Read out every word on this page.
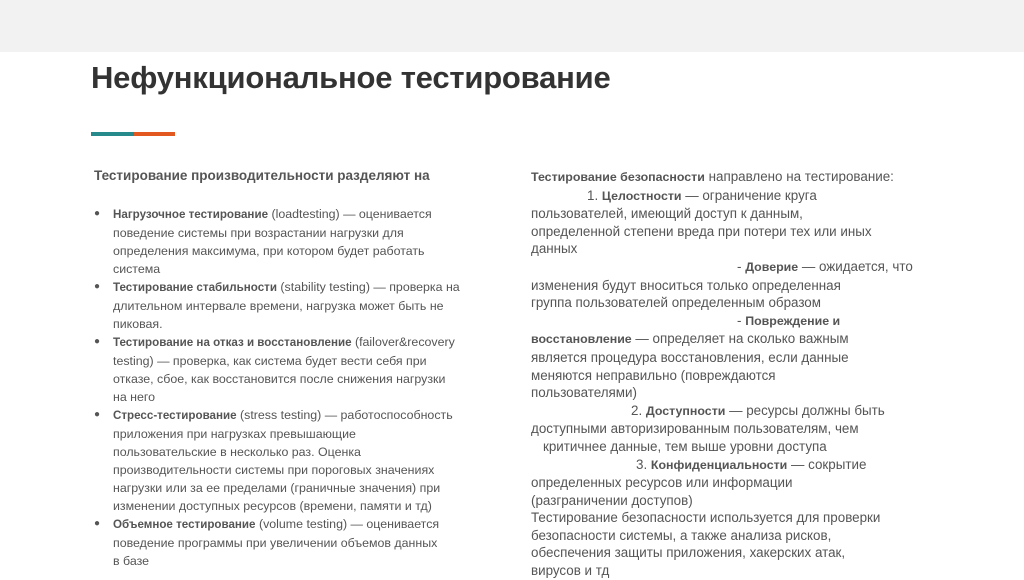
Нефункциональное тестирование
Тестирование производительности разделяют на
● Нагрузочное тестирование (loadtesting) — оценивается
поведение системы при возрастании нагрузки для
определения максимума, при котором будет работать
система
● Тестирование стабильности (stability testing) — проверка на
длительном интервале времени, нагрузка может быть не
пиковая.
● Тестирование на отказ и восстановление (failover&recovery
testing) — проверка, как система будет вести себя при
отказе, сбое, как восстановится после снижения нагрузки
на него
● Стресс-тестирование (stress testing) — работоспособность
приложения при нагрузках превышающие
пользовательские в несколько раз. Оценка
производительности системы при пороговых значениях
нагрузки или за ее пределами (граничные значения) при
изменении доступных ресурсов (времени, памяти и тд)
● Объемное тестирование (volume testing) — оценивается
поведение программы при увеличении объемов данных
в базе
Тестирование безопасности направлено на тестирование:
1. Целостности — ограничение круга
пользователей, имеющий доступ к данным,
определенной степени вреда при потери тех или иных
данных
- Доверие — ожидается, что
изменения будут вноситься только определенная
группа пользователей определенным образом
- Повреждение и
восстановление — определяет на сколько важным
является процедура восстановления, если данные
меняются неправильно (повреждаются
пользователями)
2. Доступности — ресурсы должны быть
доступными авторизированным пользователям, чем
критичнее данные, тем выше уровни доступа
3. Конфиденциальности — сокрытие
определенных ресурсов или информации
(разграничении доступов)
Тестирование безопасности используется для проверки
безопасности системы, а также анализа рисков,
обеспечения защиты приложения, хакерских атак,
вирусов и тд
